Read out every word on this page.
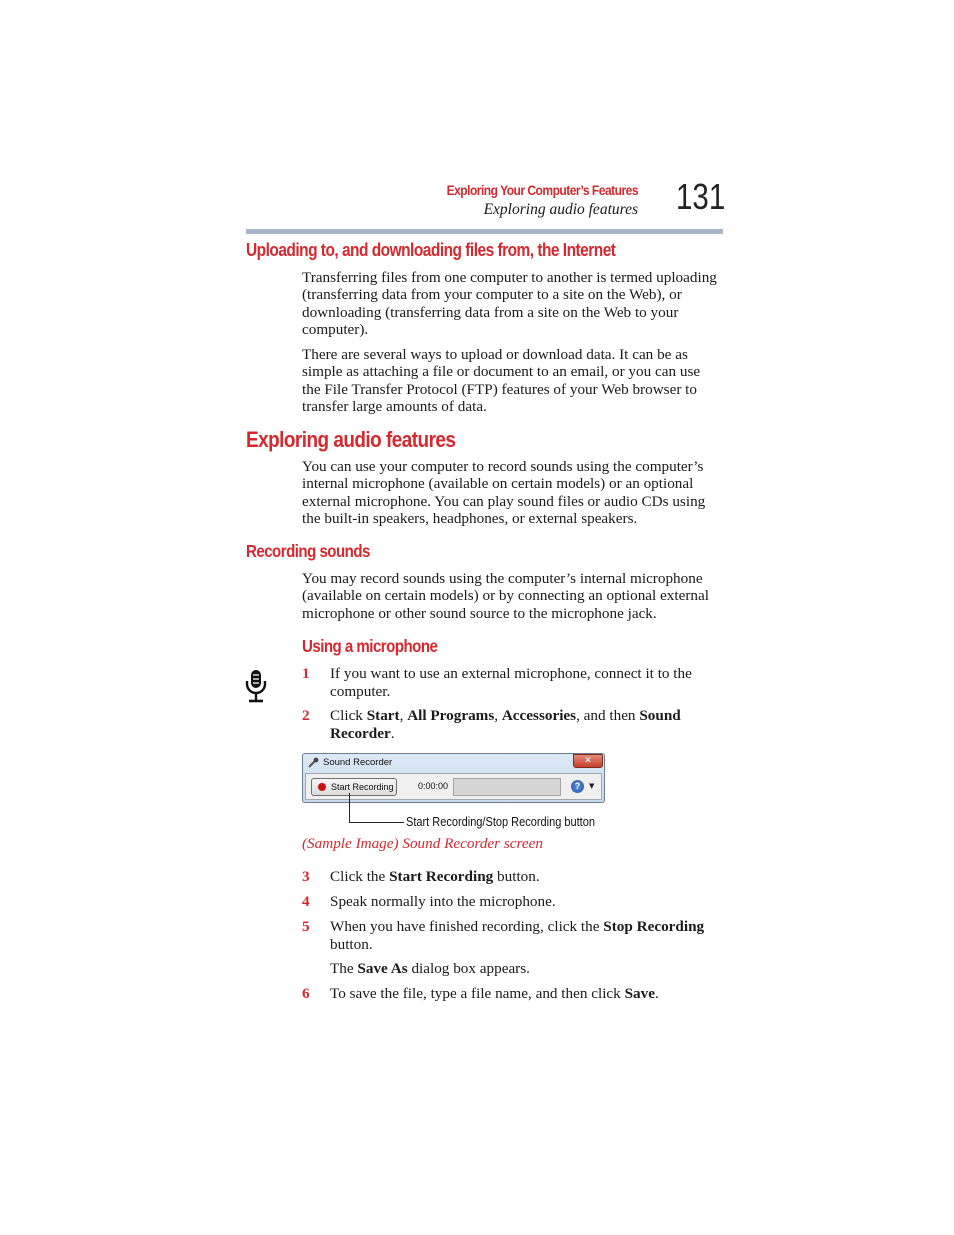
Exploring Your Computer’s Features
Exploring audio features 131
Uploading to, and downloading files from, the Internet

Transferring files from one computer to another is termed uploading (transferring data from your computer to a site on the Web), or downloading (transferring data from a site on the Web to your computer).

There are several ways to upload or download data. It can be as simple as attaching a file or document to an email, or you can use the File Transfer Protocol (FTP) features of your Web browser to transfer large amounts of data.

Exploring audio features

You can use your computer to record sounds using the computer’s internal microphone (available on certain models) or an optional external microphone. You can play sound files or audio CDs using the built-in speakers, headphones, or external speakers.

Recording sounds

You may record sounds using the computer’s internal microphone (available on certain models) or by connecting an optional external microphone or other sound source to the microphone jack.

Using a microphone
1 If you want to use an external microphone, connect it to the computer.
2 Click Start, All Programs, Accessories, and then Sound Recorder.
Sound Recorder	✕
Start Recording	0:00:00	?	▼
Start Recording/Stop Recording button
(Sample Image) Sound Recorder screen
3 Click the Start Recording button.
4 Speak normally into the microphone.
5 When you have finished recording, click the Stop Recording button.
The Save As dialog box appears.
6 To save the file, type a file name, and then click Save.
